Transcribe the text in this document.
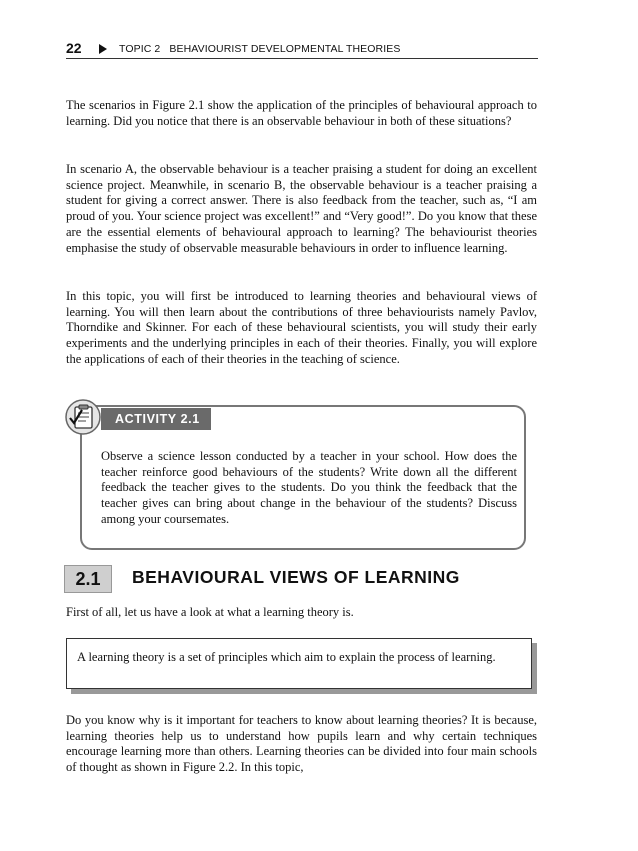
22	TOPIC 2   BEHAVIOURIST DEVELOPMENTAL THEORIES

The scenarios in Figure 2.1 show the application of the principles of behavioural approach to learning. Did you notice that there is an observable behaviour in both of these situations?

In scenario A, the observable behaviour is a teacher praising a student for doing an excellent science project. Meanwhile, in scenario B, the observable behaviour is a teacher praising a student for giving a correct answer. There is also feedback from the teacher, such as, “I am proud of you. Your science project was excellent!” and “Very good!”. Do you know that these are the essential elements of behavioural approach to learning? The behaviourist theories emphasise the study of observable measurable behaviours in order to influence learning.

In this topic, you will first be introduced to learning theories and behavioural views of learning. You will then learn about the contributions of three behaviourists namely Pavlov, Thorndike and Skinner. For each of these behavioural scientists, you will study their early experiments and the underlying principles in each of their theories. Finally, you will explore the applications of each of their theories in the teaching of science.

ACTIVITY 2.1

Observe a science lesson conducted by a teacher in your school. How does the teacher reinforce good behaviours of the students? Write down all the different feedback the teacher gives to the students. Do you think the feedback that the teacher gives can bring about change in the behaviour of the students? Discuss among your coursemates.

2.1	BEHAVIOURAL VIEWS OF LEARNING

First of all, let us have a look at what a learning theory is.

A learning theory is a set of principles which aim to explain the process of learning.

Do you know why is it important for teachers to know about learning theories? It is because, learning theories help us to understand how pupils learn and why certain techniques encourage learning more than others. Learning theories can be divided into four main schools of thought as shown in Figure 2.2. In this topic,
